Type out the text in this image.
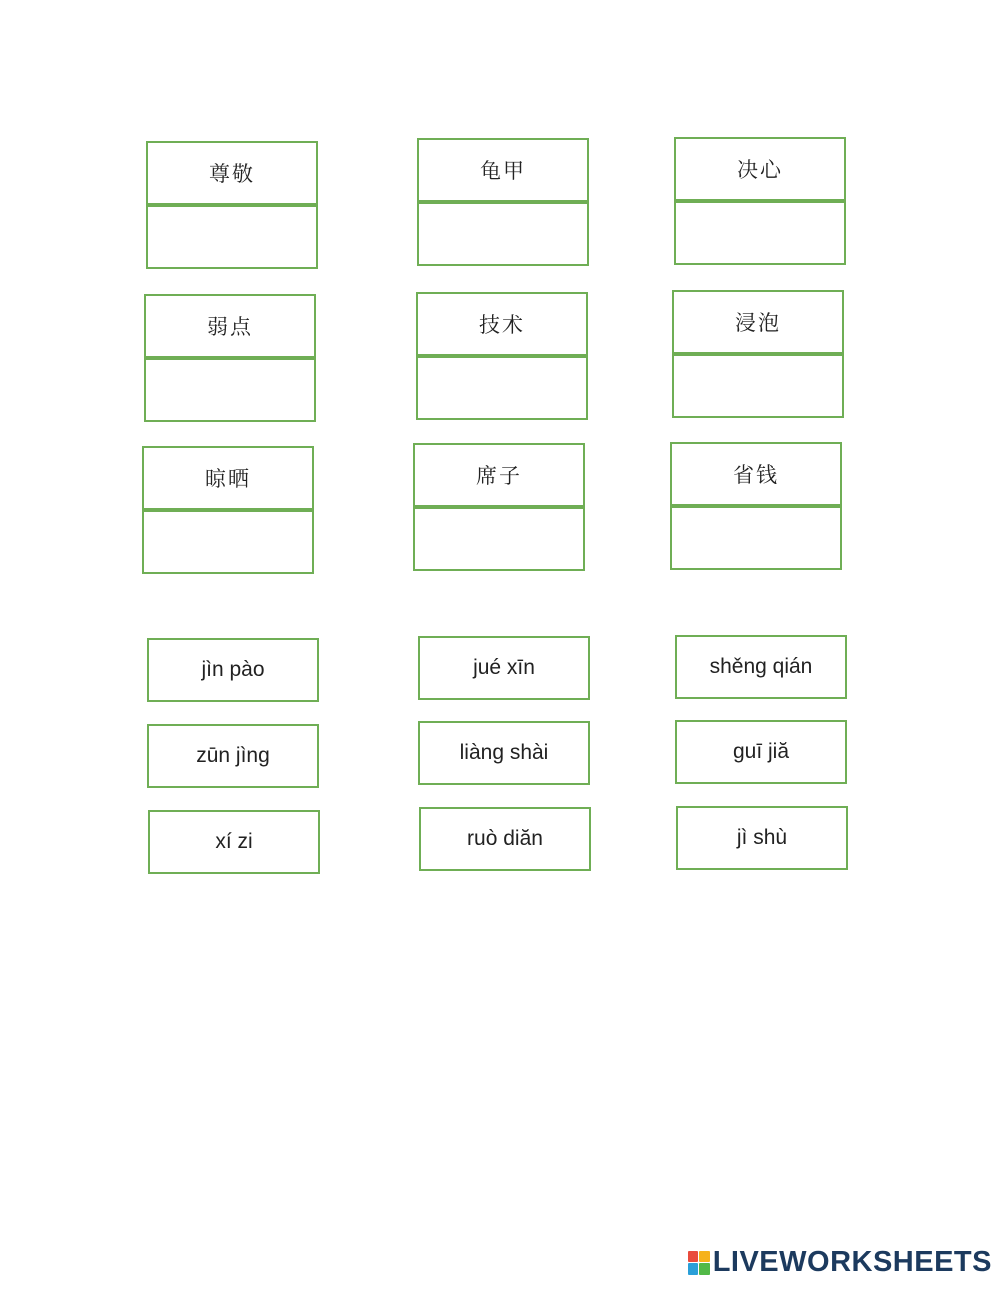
尊敬	龟甲	决心
弱点	技术	浸泡
晾晒	席子	省钱
jìn pào	jué xīn	shěng qián
zūn jìng	liàng shài	guī jiă
xí zi	ruò diăn	jì shù
LIVEWORKSHEETS
